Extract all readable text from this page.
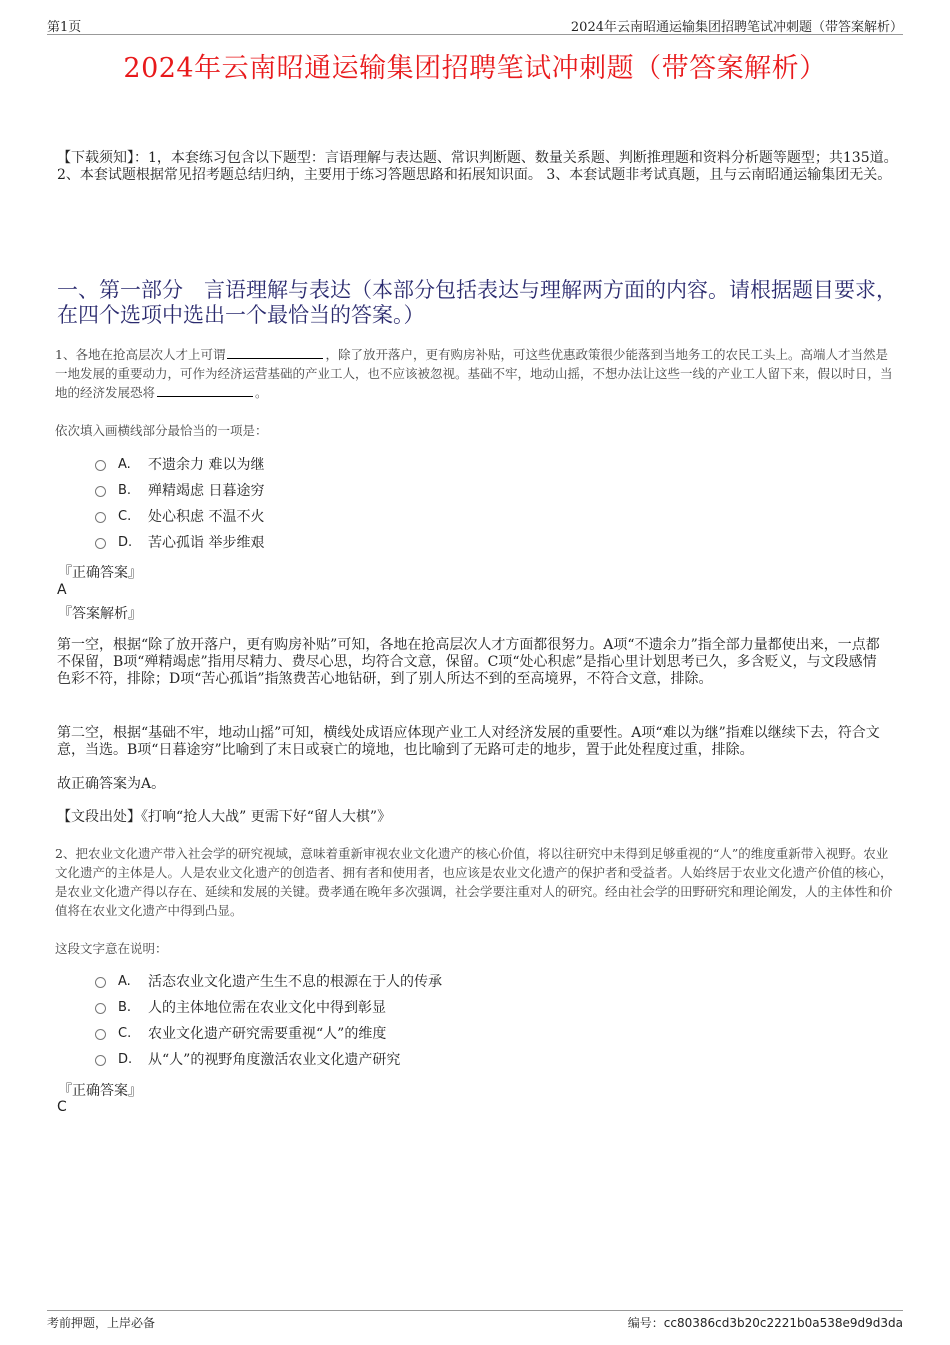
第1页	2024年云南昭通运输集团招聘笔试冲刺题（带答案解析）
2024年云南昭通运输集团招聘笔试冲刺题（带答案解析）
【下载须知】：1，本套练习包含以下题型：言语理解与表达题、常识判断题、数量关系题、判断推理题和资料分析题等题型；共135道。 2、本套试题根据常见招考题总结归纳，主要用于练习答题思路和拓展知识面。 3、本套试题非考试真题，且与云南昭通运输集团无关。
一、第一部分　言语理解与表达（本部分包括表达与理解两方面的内容。请根据题目要求，在四个选项中选出一个最恰当的答案。）
1、各地在抢高层次人才上可谓	，除了放开落户，更有购房补贴，可这些优惠政策很少能落到当地务工的农民工头上。高端人才当然是一地发展的重要动力，可作为经济运营基础的产业工人，也不应该被忽视。基础不牢，地动山摇，不想办法让这些一线的产业工人留下来，假以时日，当地的经济发展恐将	。
依次填入画横线部分最恰当的一项是：
A.	不遗余力 难以为继
B.	殚精竭虑 日暮途穷
C.	处心积虑 不温不火
D.	苦心孤诣 举步维艰
『正确答案』
A
『答案解析』
第一空，根据“除了放开落户，更有购房补贴”可知，各地在抢高层次人才方面都很努力。A项“不遗余力”指全部力量都使出来，一点都不保留，B项“殚精竭虑”指用尽精力、费尽心思，均符合文意，保留。C项“处心积虑”是指心里计划思考已久，多含贬义，与文段感情色彩不符，排除；D项“苦心孤诣”指煞费苦心地钻研，到了别人所达不到的至高境界，不符合文意，排除。
第二空，根据“基础不牢，地动山摇”可知，横线处成语应体现产业工人对经济发展的重要性。A项“难以为继”指难以继续下去，符合文意，当选。B项“日暮途穷”比喻到了末日或衰亡的境地，也比喻到了无路可走的地步，置于此处程度过重，排除。
故正确答案为A。
【文段出处】《打响“抢人大战” 更需下好“留人大棋”》
2、把农业文化遗产带入社会学的研究视域，意味着重新审视农业文化遗产的核心价值，将以往研究中未得到足够重视的“人”的维度重新带入视野。农业文化遗产的主体是人。人是农业文化遗产的创造者、拥有者和使用者，也应该是农业文化遗产的保护者和受益者。人始终居于农业文化遗产价值的核心，是农业文化遗产得以存在、延续和发展的关键。费孝通在晚年多次强调，社会学要注重对人的研究。经由社会学的田野研究和理论阐发，人的主体性和价值将在农业文化遗产中得到凸显。
这段文字意在说明：
A.	活态农业文化遗产生生不息的根源在于人的传承
B.	人的主体地位需在农业文化中得到彰显
C.	农业文化遗产研究需要重视“人”的维度
D.	从“人”的视野角度激活农业文化遗产研究
『正确答案』
C
考前押题，上岸必备	编号：cc80386cd3b20c2221b0a538e9d9d3da
